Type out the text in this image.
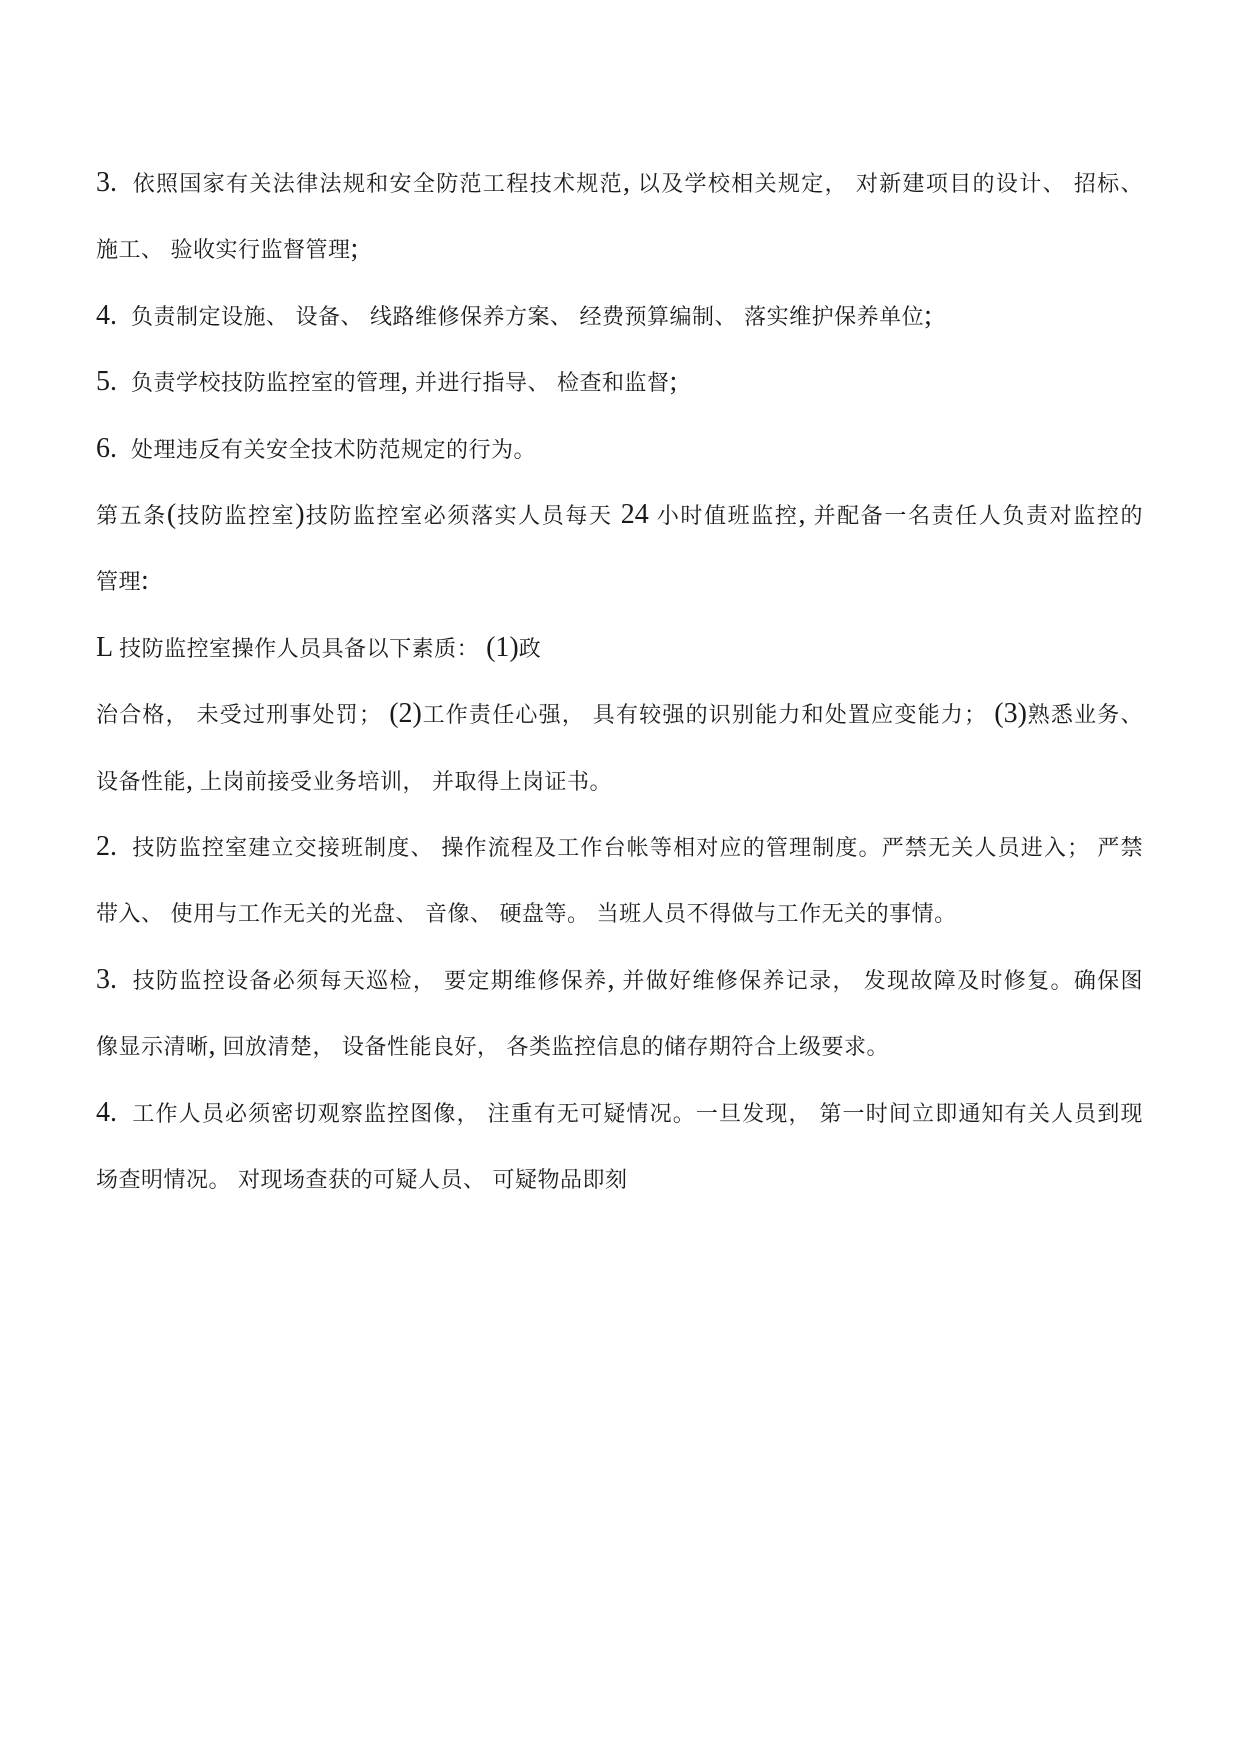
3.  依照国家有关法律法规和安全防范工程技术规范, 以及学校相关规定， 对新建项目的设计、 招标、
施工、 验收实行监督管理;
4.  负责制定设施、 设备、 线路维修保养方案、 经费预算编制、 落实维护保养单位;
5.  负责学校技防监控室的管理, 并进行指导、 检查和监督;
6.  处理违反有关安全技术防范规定的行为。
第五条(技防监控室)技防监控室必须落实人员每天 24 小时值班监控, 并配备一名责任人负责对监控的
管理:
L 技防监控室操作人员具备以下素质： (1)政
治合格， 未受过刑事处罚； (2)工作责任心强， 具有较强的识别能力和处置应变能力； (3)熟悉业务、
设备性能, 上岗前接受业务培训， 并取得上岗证书。
2.  技防监控室建立交接班制度、 操作流程及工作台帐等相对应的管理制度。严禁无关人员进入； 严禁
带入、 使用与工作无关的光盘、 音像、 硬盘等。 当班人员不得做与工作无关的事情。
3.  技防监控设备必须每天巡检， 要定期维修保养, 并做好维修保养记录， 发现故障及时修复。确保图
像显示清晰, 回放清楚， 设备性能良好， 各类监控信息的储存期符合上级要求。
4.  工作人员必须密切观察监控图像， 注重有无可疑情况。一旦发现， 第一时间立即通知有关人员到现
场查明情况。 对现场查获的可疑人员、 可疑物品即刻
